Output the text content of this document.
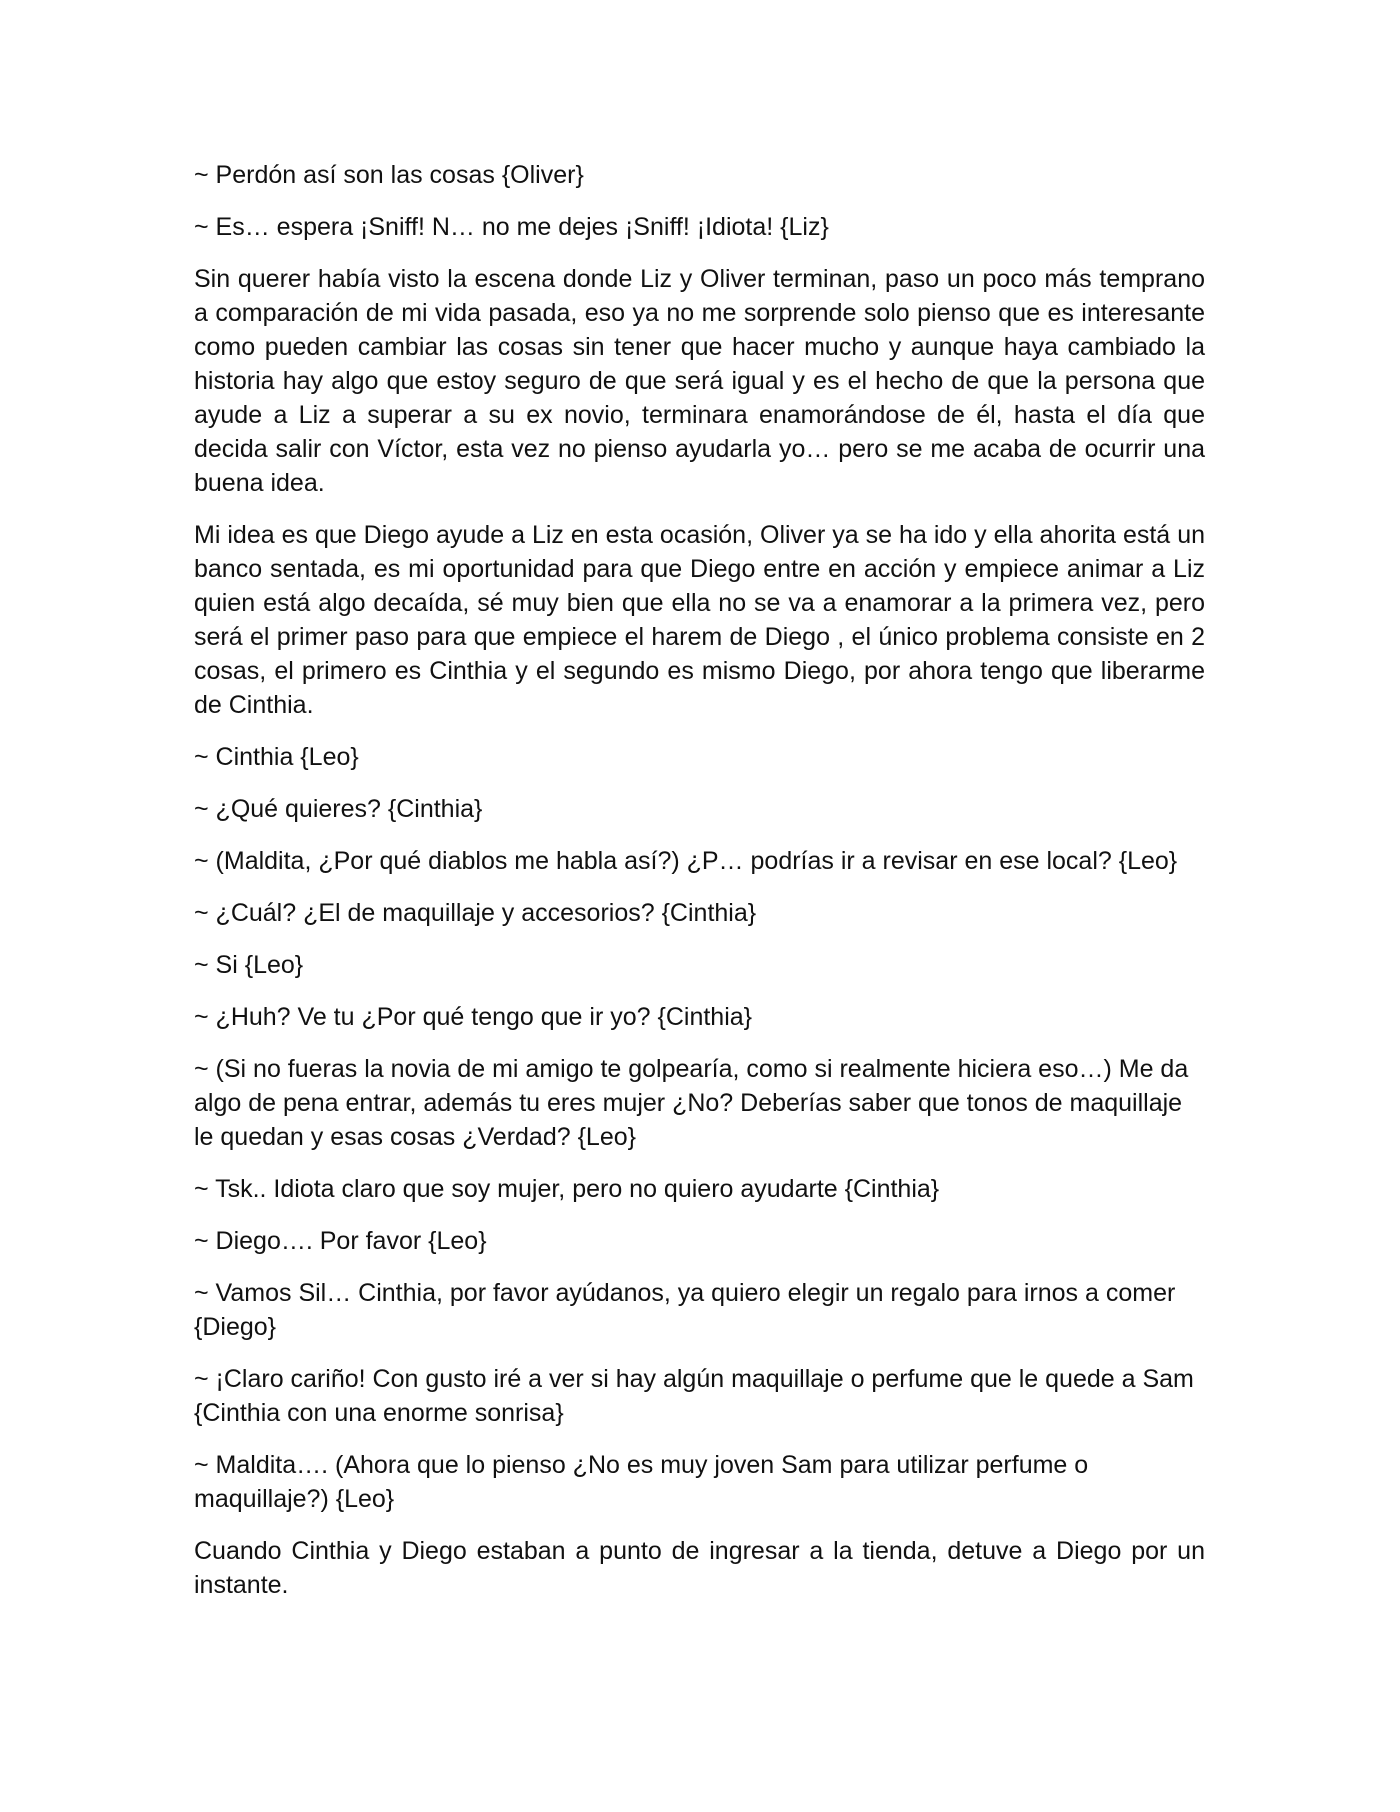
~ Perdón así son las cosas {Oliver}

~ Es… espera ¡Sniff! N… no me dejes ¡Sniff! ¡Idiota! {Liz}

Sin querer había visto la escena donde Liz y Oliver terminan, paso un poco más temprano a comparación de mi vida pasada, eso ya no me sorprende solo pienso que es interesante como pueden cambiar las cosas sin tener que hacer mucho y aunque haya cambiado la historia hay algo que estoy seguro de que será igual y es el hecho de que la persona que ayude a Liz a superar a su ex novio, terminara enamorándose de él, hasta el día que decida salir con Víctor, esta vez no pienso ayudarla yo… pero se me acaba de ocurrir una buena idea.

Mi idea es que Diego ayude a Liz en esta ocasión, Oliver ya se ha ido y ella ahorita está un banco sentada, es mi oportunidad para que Diego entre en acción y empiece animar a Liz quien está algo decaída, sé muy bien que ella no se va a enamorar a la primera vez, pero será el primer paso para que empiece el harem de Diego , el único problema consiste en 2 cosas, el primero es Cinthia y el segundo es mismo Diego, por ahora tengo que liberarme de Cinthia.

~ Cinthia {Leo}

~ ¿Qué quieres? {Cinthia}

~ (Maldita, ¿Por qué diablos me habla así?) ¿P… podrías ir a revisar en ese local? {Leo}

~ ¿Cuál? ¿El de maquillaje y accesorios? {Cinthia}

~ Si {Leo}

~ ¿Huh? Ve tu ¿Por qué tengo que ir yo? {Cinthia}

~ (Si no fueras la novia de mi amigo te golpearía, como si realmente hiciera eso…) Me da algo de pena entrar, además tu eres mujer ¿No? Deberías saber que tonos de maquillaje le quedan y esas cosas ¿Verdad? {Leo}

~ Tsk.. Idiota claro que soy mujer, pero no quiero ayudarte {Cinthia}

~ Diego…. Por favor {Leo}

~ Vamos Sil… Cinthia, por favor ayúdanos, ya quiero elegir un regalo para irnos a comer {Diego}

~ ¡Claro cariño! Con gusto iré a ver si hay algún maquillaje o perfume que le quede a Sam {Cinthia con una enorme sonrisa}

~ Maldita…. (Ahora que lo pienso ¿No es muy joven Sam para utilizar perfume o maquillaje?) {Leo}

Cuando Cinthia y Diego estaban a punto de ingresar a la tienda, detuve a Diego por un instante.
